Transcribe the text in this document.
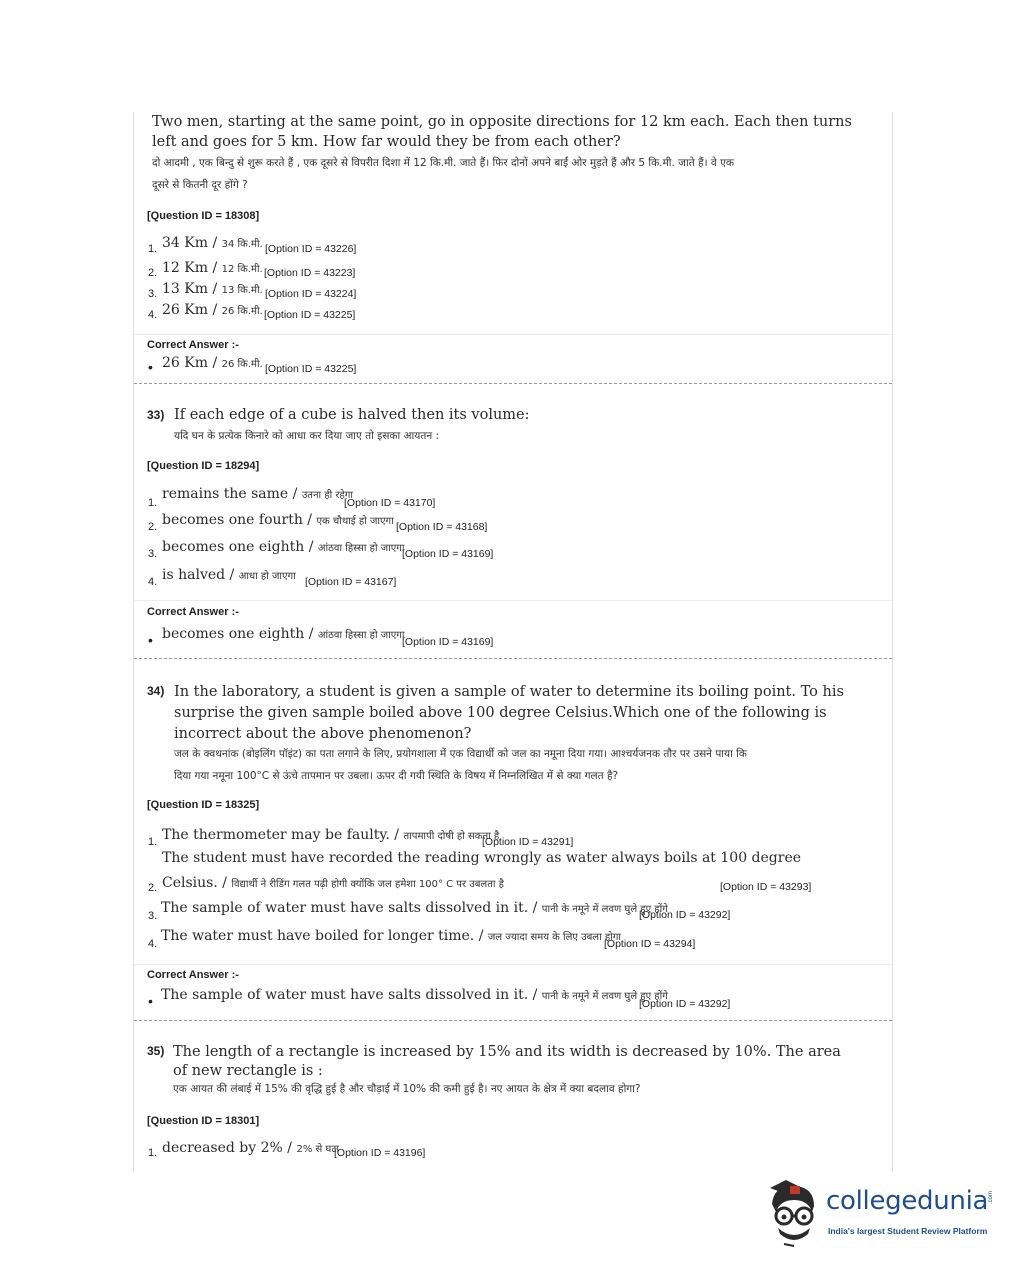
Two men, starting at the same point, go in opposite directions for 12 km each. Each then turns
left and goes for 5 km. How far would they be from each other?
दो आदमी , एक बिन्दु से शुरू करते हैं , एक दूसरे से विपरीत दिशा में 12 कि.मी. जाते हैं। फिर दोनों अपने बाईं ओर मुड़ते हैं और 5 कि.मी. जाते हैं। वे एक
दूसरे से कितनी दूर होंगे ?
[Question ID = 18308]
1. 34 Km / 34 कि.मी. [Option ID = 43226]
2. 12 Km / 12 कि.मी. [Option ID = 43223]
3. 13 Km / 13 कि.मी. [Option ID = 43224]
4. 26 Km / 26 कि.मी. [Option ID = 43225]
Correct Answer :-
• 26 Km / 26 कि.मी. [Option ID = 43225]
33) If each edge of a cube is halved then its volume:
यदि घन के प्रत्येक किनारे को आधा कर दिया जाए तो इसका आयतन :
[Question ID = 18294]
1.
remains the same / उतना ही रहेगा
[Option ID = 43170]
2. becomes one fourth / एक चौथाई हो जाएगा [Option ID = 43168]
3. becomes one eighth / आंठवा हिस्सा हो जाएगा
[Option ID = 43169]
4. is halved / आधा हो जाएगा [Option ID = 43167]
Correct Answer :-
• becomes one eighth / आंठवा हिस्सा हो जाएगा
[Option ID = 43169]
34) In the laboratory, a student is given a sample of water to determine its boiling point. To his
surprise the given sample boiled above 100 degree Celsius.Which one of the following is
incorrect about the above phenomenon?
जल के क्वथनांक (बोइलिंग पॉइंट) का पता लगाने के लिए, प्रयोगशाला में एक विद्यार्थी को जल का नमूना दिया गया। आश्चर्यजनक तौर पर उसने पाया कि
दिया गया नमूना 100°C से ऊंचे तापमान पर उबला। ऊपर दी गयी स्थिति के विषय में निम्नलिखित में से क्या गलत है?
[Question ID = 18325]
1. The thermometer may be faulty. / तापमापी दोषी हो सकता है
[Option ID = 43291]
The student must have recorded the reading wrongly as water always boils at 100 degree
2. Celsius. / विद्यार्थी ने रीडिंग गलत पढ़ी होगी क्योंकि जल हमेशा 100° C पर उबलता है	[Option ID = 43293]
3. The sample of water must have salts dissolved in it. / पानी के नमूने में लवण घुले हुए होंगे
[Option ID = 43292]
4. The water must have boiled for longer time. / जल ज्यादा समय के लिए उबला होगा
[Option ID = 43294]
Correct Answer :-
• The sample of water must have salts dissolved in it. / पानी के नमूने में लवण घुले हुए होंगे
[Option ID = 43292]
35) The length of a rectangle is increased by 15% and its width is decreased by 10%. The area
of new rectangle is :
एक आयत की लंबाई में 15% की वृद्धि हुई है और चौड़ाई में 10% की कमी हुई है। नए आयत के क्षेत्र में क्या बदलाव होगा?
[Question ID = 18301]
1. decreased by 2% / 2% से घटा
[Option ID = 43196]
collegedunia .com
India's largest Student Review Platform
